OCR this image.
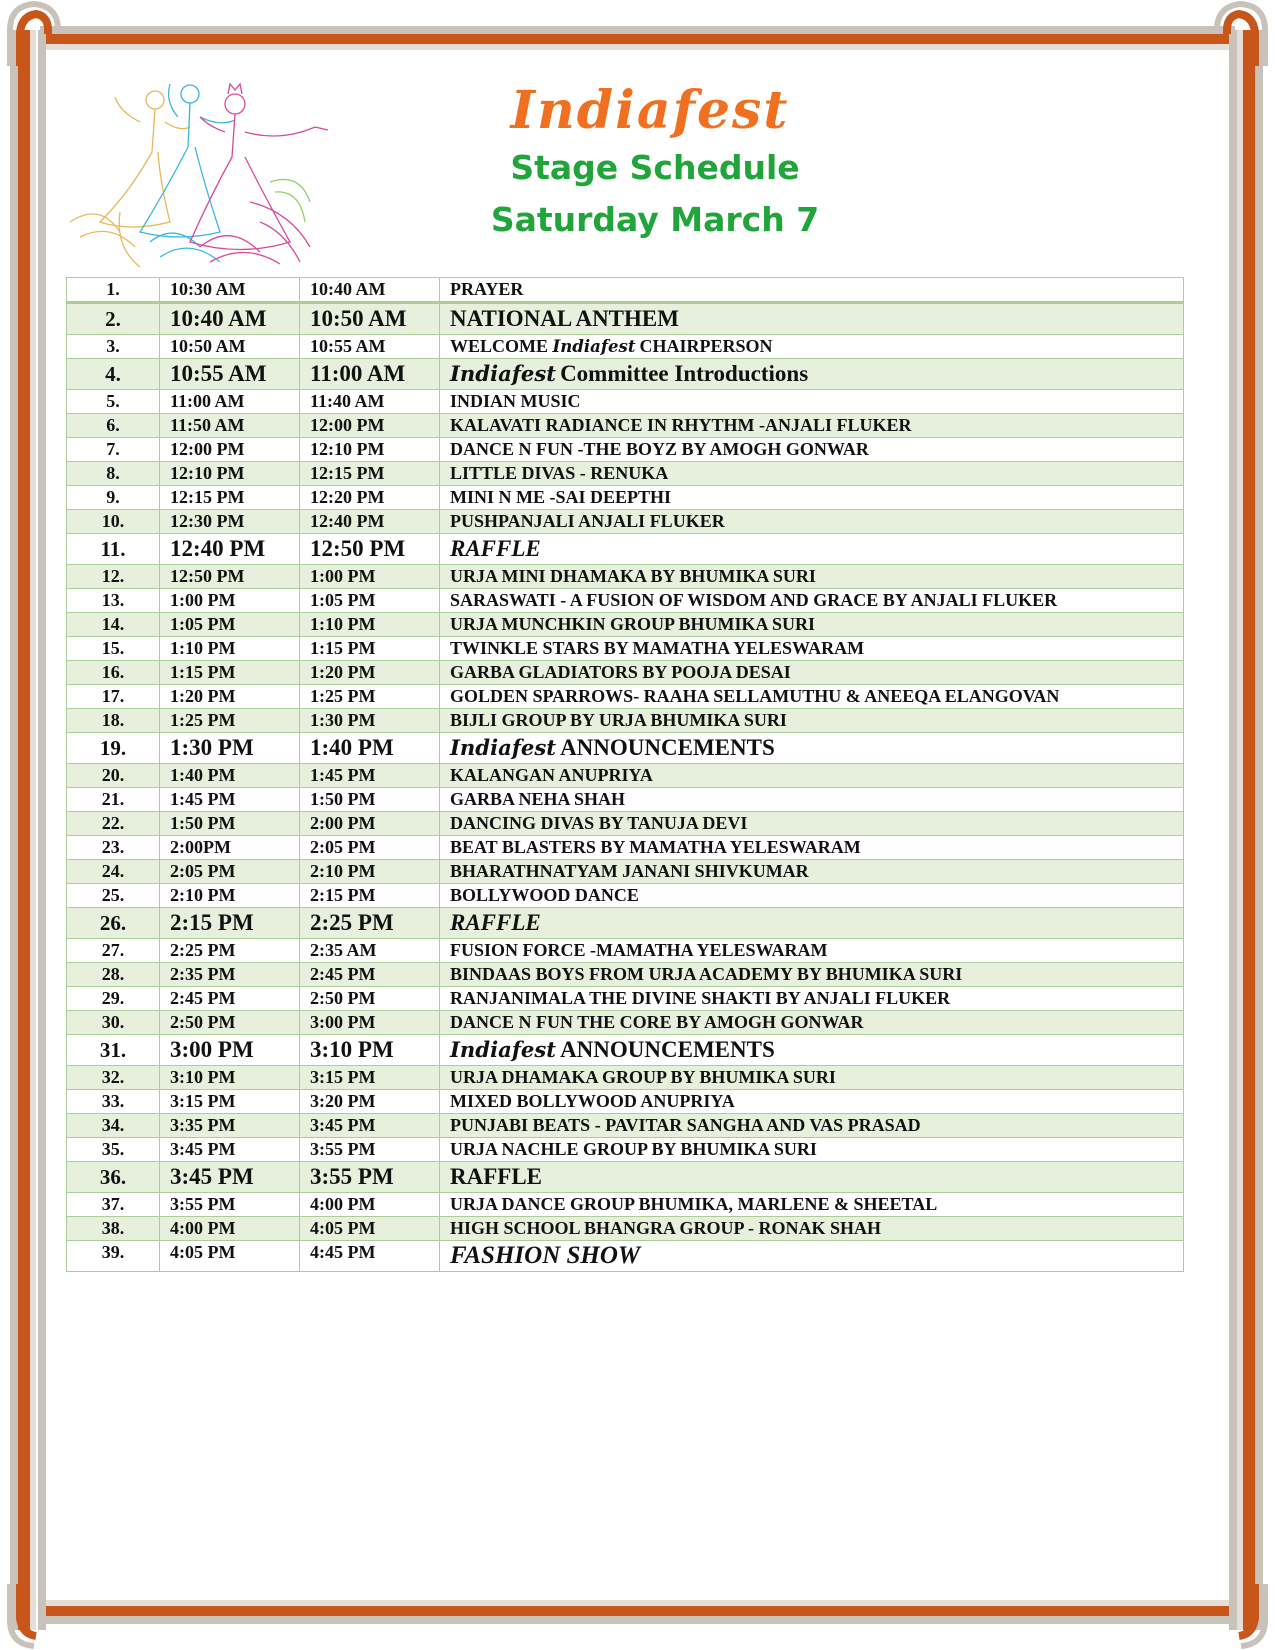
Indiafest
Stage Schedule
Saturday March 7
1.	10:30 AM	10:40 AM	PRAYER
2.	10:40 AM	10:50 AM	NATIONAL ANTHEM
3.	10:50 AM	10:55 AM	WELCOME Indiafest CHAIRPERSON
4.	10:55 AM	11:00 AM	Indiafest Committee Introductions
5.	11:00 AM	11:40 AM	INDIAN MUSIC
6.	11:50 AM	12:00 PM	KALAVATI RADIANCE IN RHYTHM -ANJALI FLUKER
7.	12:00 PM	12:10 PM	DANCE N FUN -THE BOYZ BY AMOGH GONWAR
8.	12:10 PM	12:15 PM	LITTLE DIVAS - RENUKA
9.	12:15 PM	12:20 PM	MINI N ME -SAI DEEPTHI
10.	12:30 PM	12:40 PM	PUSHPANJALI ANJALI FLUKER
11.	12:40 PM	12:50 PM	RAFFLE
12.	12:50 PM	1:00 PM	URJA MINI DHAMAKA BY BHUMIKA SURI
13.	1:00 PM	1:05 PM	SARASWATI - A FUSION OF WISDOM AND GRACE BY ANJALI FLUKER
14.	1:05 PM	1:10 PM	URJA MUNCHKIN GROUP BHUMIKA SURI
15.	1:10 PM	1:15 PM	TWINKLE STARS BY MAMATHA YELESWARAM
16.	1:15 PM	1:20 PM	GARBA GLADIATORS BY POOJA DESAI
17.	1:20 PM	1:25 PM	GOLDEN SPARROWS- RAAHA SELLAMUTHU & ANEEQA ELANGOVAN
18.	1:25 PM	1:30 PM	BIJLI GROUP BY URJA BHUMIKA SURI
19.	1:30 PM	1:40 PM	Indiafest ANNOUNCEMENTS
20.	1:40 PM	1:45 PM	KALANGAN ANUPRIYA
21.	1:45 PM	1:50 PM	GARBA NEHA SHAH
22.	1:50 PM	2:00 PM	DANCING DIVAS BY TANUJA DEVI
23.	2:00PM	2:05 PM	BEAT BLASTERS BY MAMATHA YELESWARAM
24.	2:05 PM	2:10 PM	BHARATHNATYAM JANANI SHIVKUMAR
25.	2:10 PM	2:15 PM	BOLLYWOOD DANCE
26.	2:15 PM	2:25 PM	RAFFLE
27.	2:25 PM	2:35 AM	FUSION FORCE -MAMATHA YELESWARAM
28.	2:35 PM	2:45 PM	BINDAAS BOYS FROM URJA ACADEMY BY BHUMIKA SURI
29.	2:45 PM	2:50 PM	RANJANIMALA THE DIVINE SHAKTI BY ANJALI FLUKER
30.	2:50 PM	3:00 PM	DANCE N FUN THE CORE BY AMOGH GONWAR
31.	3:00 PM	3:10 PM	Indiafest ANNOUNCEMENTS
32.	3:10 PM	3:15 PM	URJA DHAMAKA GROUP BY BHUMIKA SURI
33.	3:15 PM	3:20 PM	MIXED BOLLYWOOD ANUPRIYA
34.	3:35 PM	3:45 PM	PUNJABI BEATS - PAVITAR SANGHA AND VAS PRASAD
35.	3:45 PM	3:55 PM	URJA NACHLE GROUP BY BHUMIKA SURI
36.	3:45 PM	3:55 PM	RAFFLE
37.	3:55 PM	4:00 PM	URJA DANCE GROUP BHUMIKA, MARLENE & SHEETAL
38.	4:00 PM	4:05 PM	HIGH SCHOOL BHANGRA GROUP - RONAK SHAH
39.	4:05 PM	4:45 PM	FASHION SHOW
